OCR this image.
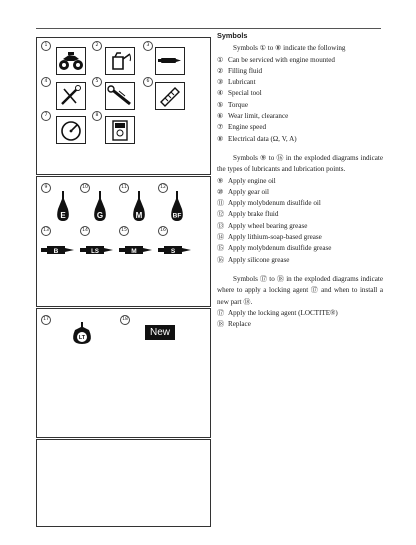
1	2	3
4	5	6
7	8
9	10	11	12
13	14	15	16
E	G	M	BF
B	LS	M	S
17	18
LT
New

Symbols

Symbols ① to ⑧ indicate the following

① Can be serviced with engine mounted

② Filling fluid

③ Lubricant

④ Special tool

⑤ Torque

⑥ Wear limit, clearance

⑦ Engine speed

⑧ Electrical data (Ω, V, A)

Symbols ⑨ to ⑯ in the exploded diagrams indicate the types of lubricants and lubrication points.

⑨ Apply engine oil

⑩ Apply gear oil

⑪ Apply molybdenum disulfide oil

⑫ Apply brake fluid

⑬ Apply wheel bearing grease

⑭ Apply lithium-soap-based grease

⑮ Apply molybdenum disulfide grease

⑯ Apply silicone grease

Symbols ⑰ to ⑱ in the exploded diagrams indicate where to apply a locking agent ⑰ and when to install a new part ⑱.

⑰ Apply the locking agent (LOCTITE®)

⑱ Replace
